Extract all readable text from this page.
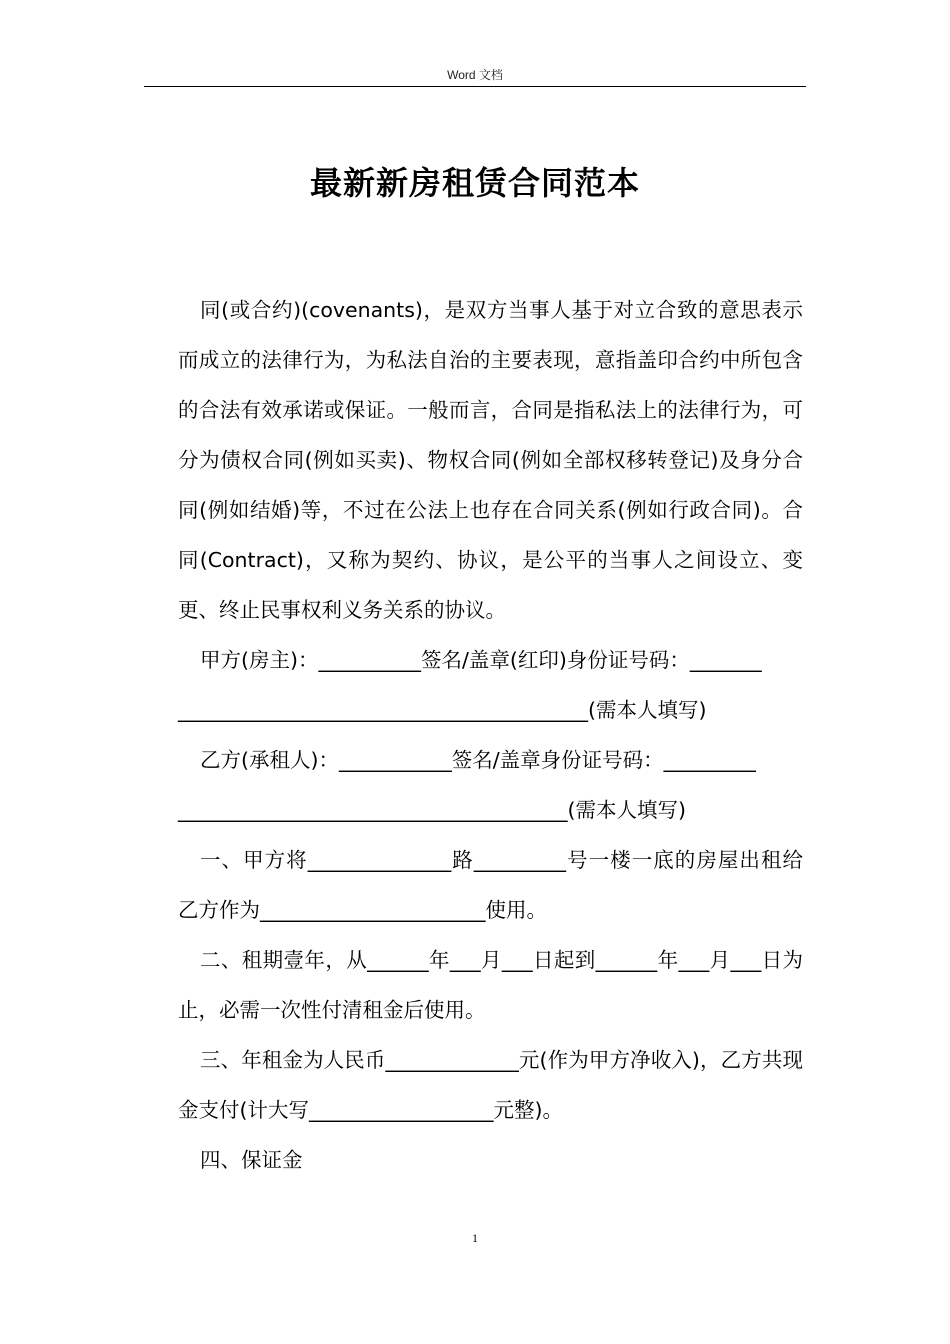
Word 文档
最新新房租赁合同范本

同(或合约)(covenants)，是双方当事人基于对立合致的意思表示而成立的法律行为，为私法自治的主要表现，意指盖印合约中所包含的合法有效承诺或保证。一般而言，合同是指私法上的法律行为，可分为债权合同(例如买卖)、物权合同(例如全部权移转登记)及身分合同(例如结婚)等，不过在公法上也存在合同关系(例如行政合同)。合同(Contract)，又称为契约、协议，是公平的当事人之间设立、变更、终止民事权利义务关系的协议。

甲方(房主)：__________签名/盖章(红印)身份证号码：_______

________________________________________(需本人填写)

乙方(承租人)：___________签名/盖章身份证号码：_________

______________________________________(需本人填写)

一、甲方将______________路_________号一楼一底的房屋出租给乙方作为______________________使用。

二、租期壹年，从______年___月___日起到______年___月___日为止，必需一次性付清租金后使用。

三、年租金为人民币_____________元(作为甲方净收入)，乙方共现金支付(计大写__________________元整)。

四、保证金

1
